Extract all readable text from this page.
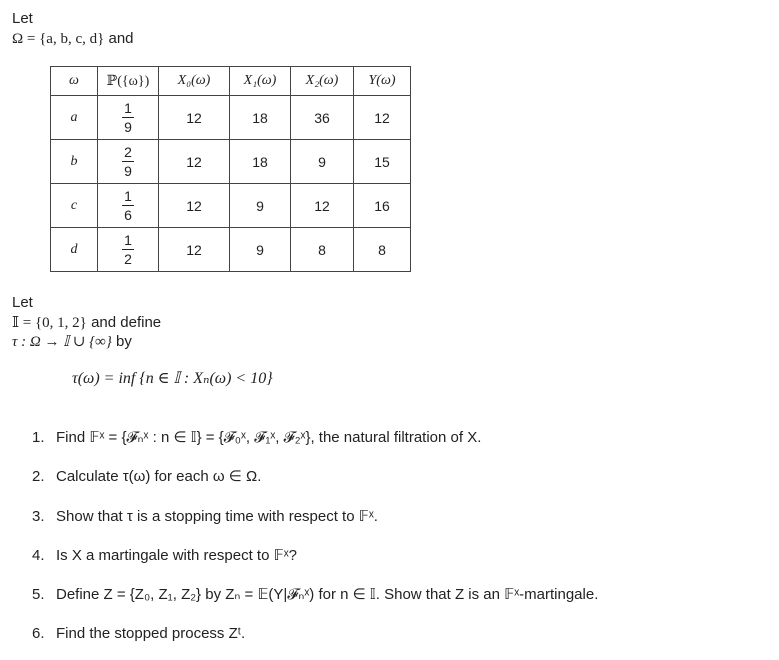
Let
Ω = {a, b, c, d} and
ω	ℙ({ω})	X₀(ω)	X₁(ω)	X₂(ω)	Y(ω)
a	$\frac{1}{9}$	12	18	36	12
b	$\frac{2}{9}$	12	18	9	15
c	$\frac{1}{6}$	12	9	12	16
d	$\frac{1}{2}$	12	9	8	8
Let
𝕀 = {0, 1, 2} and define
τ : Ω → 𝕀 ∪ {∞} by
τ(ω) = inf {n ∈ 𝕀 : Xₙ(ω) < 10}
1. Find 𝔽ˣ = {𝓕ₙˣ : n ∈ 𝕀} = {𝓕₀ˣ, 𝓕₁ˣ, 𝓕₂ˣ}, the natural filtration of X.
2. Calculate τ(ω) for each ω ∈ Ω.
3. Show that τ is a stopping time with respect to 𝔽ˣ.
4. Is X a martingale with respect to 𝔽ˣ?
5. Define Z = {Z₀, Z₁, Z₂} by Zₙ = 𝔼(Y|𝓕ₙˣ) for n ∈ 𝕀. Show that Z is an 𝔽ˣ-martingale.
6. Find the stopped process Zᵗ.
